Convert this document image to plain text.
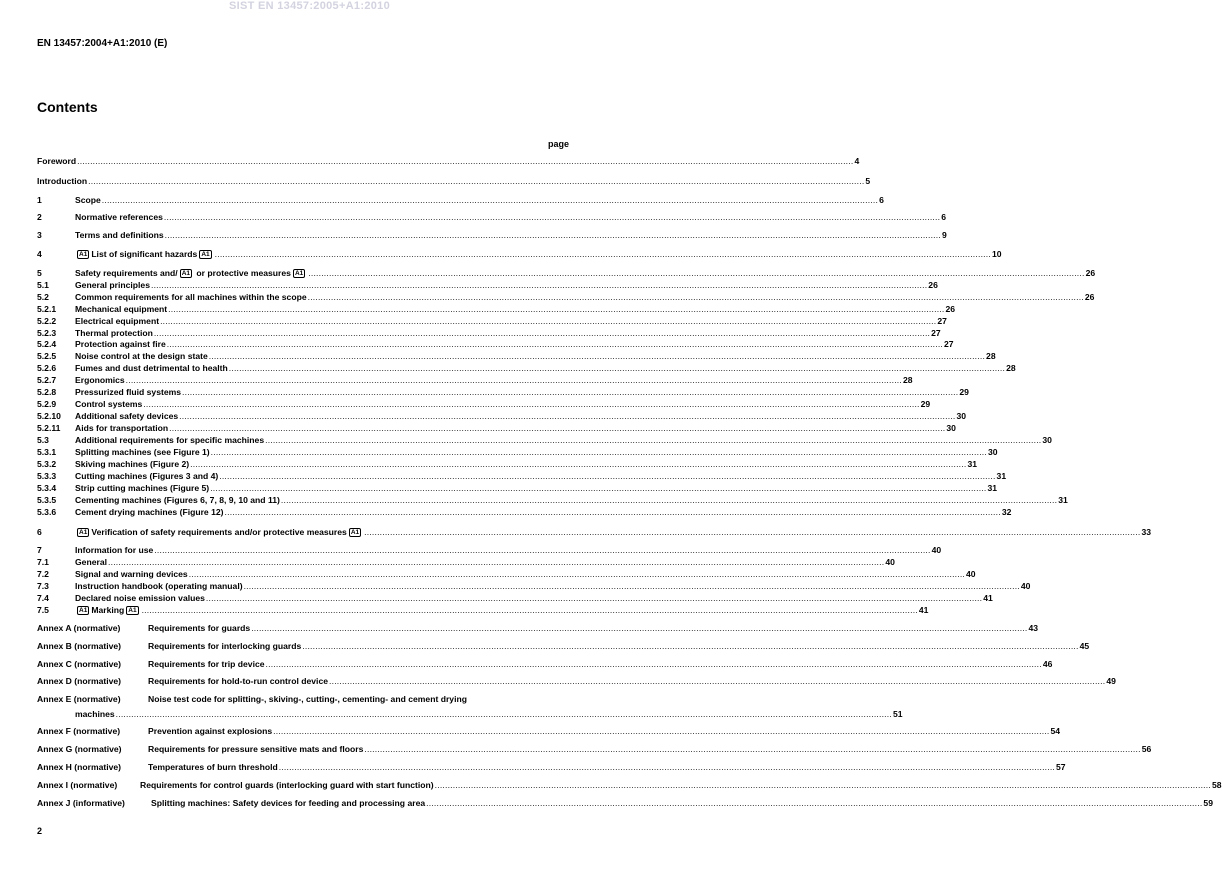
SIST EN 13457:2005+A1:2010
EN 13457:2004+A1:2010 (E)
Contents
page
Foreword ............................................................................................................................................................................................................................................................................................................ 4
Introduction ............................................................................................................................................................................................................................................................................................................ 5
1	Scope ............................................................................................................................................................................................................................................................................................................ 6
2	Normative references ............................................................................................................................................................................................................................................................................................................ 6
3	Terms and definitions ............................................................................................................................................................................................................................................................................................................ 9
4	A1 List of significant hazards A1 ............................................................................................................................................................................................................................................................................................................ 10
5	Safety requirements and/ A1 or protective measures A1 ............................................................................................................................................................................................................................................................................................................ 26
5.1	General principles ............................................................................................................................................................................................................................................................................................................ 26
5.2	Common requirements for all machines within the scope ............................................................................................................................................................................................................................................................................................................ 26
5.2.1 Mechanical equipment ............................................................................................................................................................................................................................................................................................................ 26
5.2.2 Electrical equipment ............................................................................................................................................................................................................................................................................................................ 27
5.2.3 Thermal protection ............................................................................................................................................................................................................................................................................................................ 27
5.2.4 Protection against fire ............................................................................................................................................................................................................................................................................................................ 27
5.2.5 Noise control at the design state ............................................................................................................................................................................................................................................................................................................ 28
5.2.6 Fumes and dust detrimental to health ............................................................................................................................................................................................................................................................................................................ 28
5.2.7 Ergonomics ............................................................................................................................................................................................................................................................................................................ 28
5.2.8 Pressurized fluid systems ............................................................................................................................................................................................................................................................................................................ 29
5.2.9 Control systems ............................................................................................................................................................................................................................................................................................................ 29
5.2.10 Additional safety devices ............................................................................................................................................................................................................................................................................................................ 30
5.2.11 Aids for transportation ............................................................................................................................................................................................................................................................................................................ 30
5.3	Additional requirements for specific machines ............................................................................................................................................................................................................................................................................................................ 30
5.3.1 Splitting machines (see Figure 1) ............................................................................................................................................................................................................................................................................................................ 30
5.3.2 Skiving machines (Figure 2) ............................................................................................................................................................................................................................................................................................................ 31
5.3.3 Cutting machines (Figures 3 and 4) ............................................................................................................................................................................................................................................................................................................ 31
5.3.4 Strip cutting machines (Figure 5) ............................................................................................................................................................................................................................................................................................................ 31
5.3.5 Cementing machines (Figures 6, 7, 8, 9, 10 and 11) ............................................................................................................................................................................................................................................................................................................ 31
5.3.6 Cement drying machines (Figure 12) ............................................................................................................................................................................................................................................................................................................ 32
6	A1 Verification of safety requirements and/or protective measures A1 ............................................................................................................................................................................................................................................................................................................ 33
7	Information for use ............................................................................................................................................................................................................................................................................................................ 40
7.1	General ............................................................................................................................................................................................................................................................................................................ 40
7.2	Signal and warning devices ............................................................................................................................................................................................................................................................................................................ 40
7.3	Instruction handbook (operating manual) ............................................................................................................................................................................................................................................................................................................ 40
7.4	Declared noise emission values ............................................................................................................................................................................................................................................................................................................ 41
7.5	A1 Marking A1 ............................................................................................................................................................................................................................................................................................................ 41
Annex A (normative)	Requirements for guards ............................................................................................................................................................................................................................................................................................................ 43
Annex B (normative)	Requirements for interlocking guards ............................................................................................................................................................................................................................................................................................................ 45
Annex C (normative)	Requirements for trip device ............................................................................................................................................................................................................................................................................................................ 46
Annex D (normative)	Requirements for hold-to-run control device ............................................................................................................................................................................................................................................................................................................ 49
Annex E (normative)	Noise test code for splitting-, skiving-, cutting-, cementing- and cement drying
machines ............................................................................................................................................................................................................................................................................................................ 51
Annex F (normative)	Prevention against explosions ............................................................................................................................................................................................................................................................................................................ 54
Annex G (normative)	Requirements for pressure sensitive mats and floors ............................................................................................................................................................................................................................................................................................................ 56
Annex H (normative)	Temperatures of burn threshold ............................................................................................................................................................................................................................................................................................................ 57
Annex I (normative)	Requirements for control guards (interlocking guard with start function) ............................................................................................................................................................................................................................................................................................................ 58
Annex J (informative)	Splitting machines: Safety devices for feeding and processing area ............................................................................................................................................................................................................................................................................................................ 59
2
